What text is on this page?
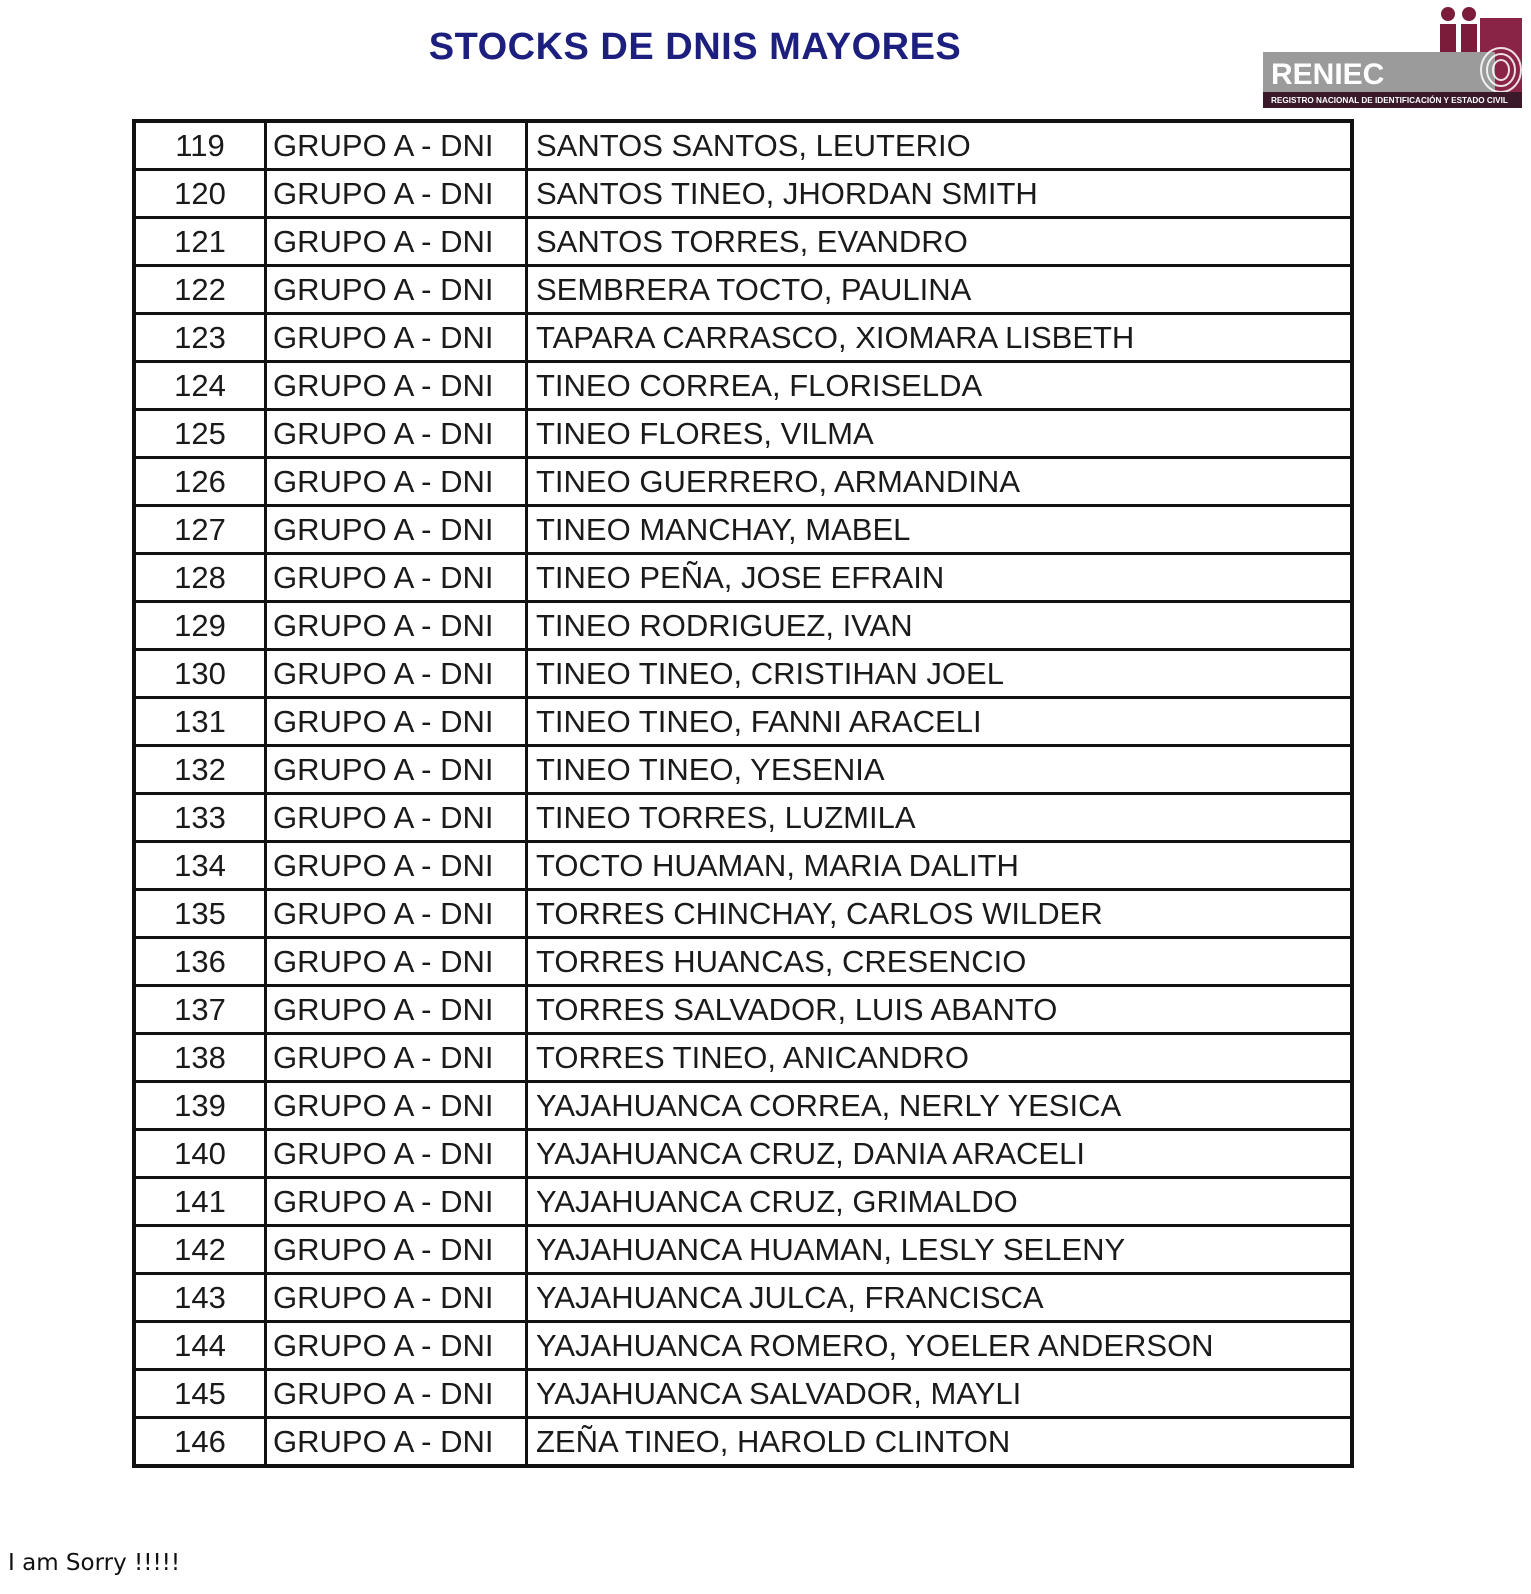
STOCKS DE DNIS MAYORES
RENIEC
REGISTRO NACIONAL DE IDENTIFICACIÓN Y ESTADO CIVIL
119	GRUPO A - DNI	SANTOS SANTOS, LEUTERIO
120	GRUPO A - DNI	SANTOS TINEO, JHORDAN SMITH
121	GRUPO A - DNI	SANTOS TORRES, EVANDRO
122	GRUPO A - DNI	SEMBRERA TOCTO, PAULINA
123	GRUPO A - DNI	TAPARA CARRASCO, XIOMARA LISBETH
124	GRUPO A - DNI	TINEO CORREA, FLORISELDA
125	GRUPO A - DNI	TINEO FLORES, VILMA
126	GRUPO A - DNI	TINEO GUERRERO, ARMANDINA
127	GRUPO A - DNI	TINEO MANCHAY, MABEL
128	GRUPO A - DNI	TINEO PEÑA, JOSE EFRAIN
129	GRUPO A - DNI	TINEO RODRIGUEZ, IVAN
130	GRUPO A - DNI	TINEO TINEO, CRISTIHAN JOEL
131	GRUPO A - DNI	TINEO TINEO, FANNI ARACELI
132	GRUPO A - DNI	TINEO TINEO, YESENIA
133	GRUPO A - DNI	TINEO TORRES, LUZMILA
134	GRUPO A - DNI	TOCTO HUAMAN, MARIA DALITH
135	GRUPO A - DNI	TORRES CHINCHAY, CARLOS WILDER
136	GRUPO A - DNI	TORRES HUANCAS, CRESENCIO
137	GRUPO A - DNI	TORRES SALVADOR, LUIS ABANTO
138	GRUPO A - DNI	TORRES TINEO, ANICANDRO
139	GRUPO A - DNI	YAJAHUANCA CORREA, NERLY YESICA
140	GRUPO A - DNI	YAJAHUANCA CRUZ, DANIA ARACELI
141	GRUPO A - DNI	YAJAHUANCA CRUZ, GRIMALDO
142	GRUPO A - DNI	YAJAHUANCA HUAMAN, LESLY SELENY
143	GRUPO A - DNI	YAJAHUANCA JULCA, FRANCISCA
144	GRUPO A - DNI	YAJAHUANCA ROMERO, YOELER ANDERSON
145	GRUPO A - DNI	YAJAHUANCA SALVADOR, MAYLI
146	GRUPO A - DNI	ZEÑA TINEO, HAROLD CLINTON
I am Sorry !!!!!
